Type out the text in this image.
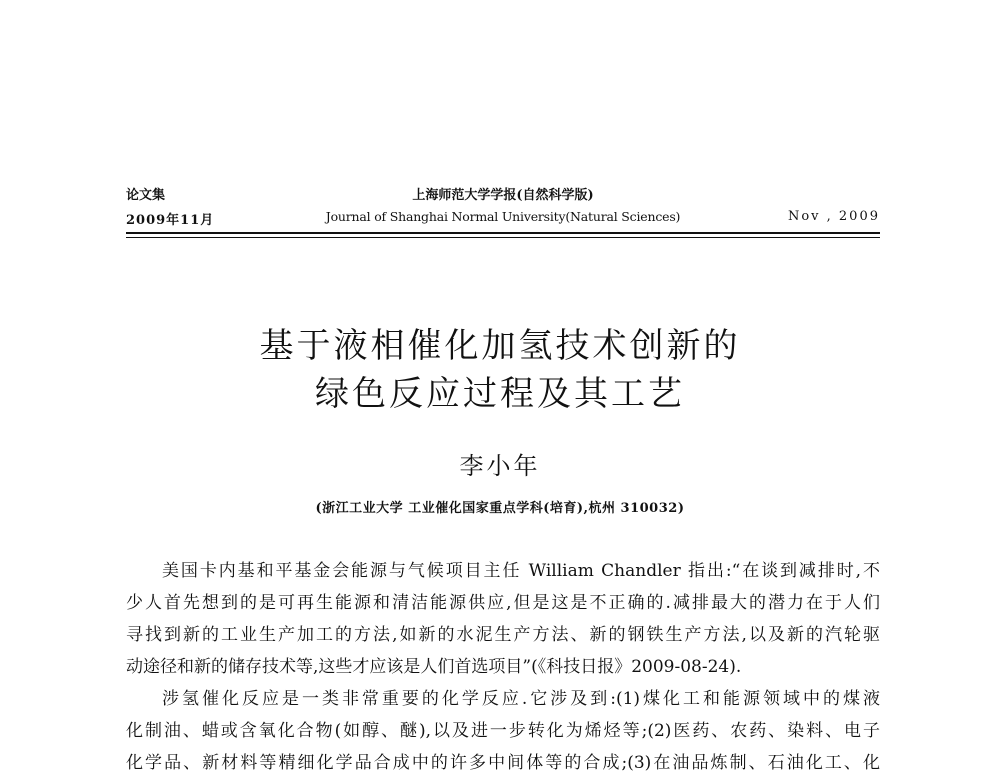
论文集	上海师范大学学报(自然科学版)
2009年11月	Journal of Shanghai Normal University(Natural Sciences)	Nov , 2009
基于液相催化加氢技术创新的
绿色反应过程及其工艺
李小年
(浙江工业大学 工业催化国家重点学科(培育),杭州 310032)
美国卡内基和平基金会能源与气候项目主任 William Chandler 指出:“在谈到减排时,不
少人首先想到的是可再生能源和清洁能源供应,但是这是不正确的.减排最大的潜力在于人们
寻找到新的工业生产加工的方法,如新的水泥生产方法、新的钢铁生产方法,以及新的汽轮驱
动途径和新的储存技术等,这些才应该是人们首选项目”(《科技日报》2009-08-24).
涉氢催化反应是一类非常重要的化学反应.它涉及到:(1)煤化工和能源领域中的煤液
化制油、蜡或含氧化合物(如醇、醚),以及进一步转化为烯烃等;(2)医药、农药、染料、电子
化学品、新材料等精细化学品合成中的许多中间体等的合成;(3)在油品炼制、石油化工、化
